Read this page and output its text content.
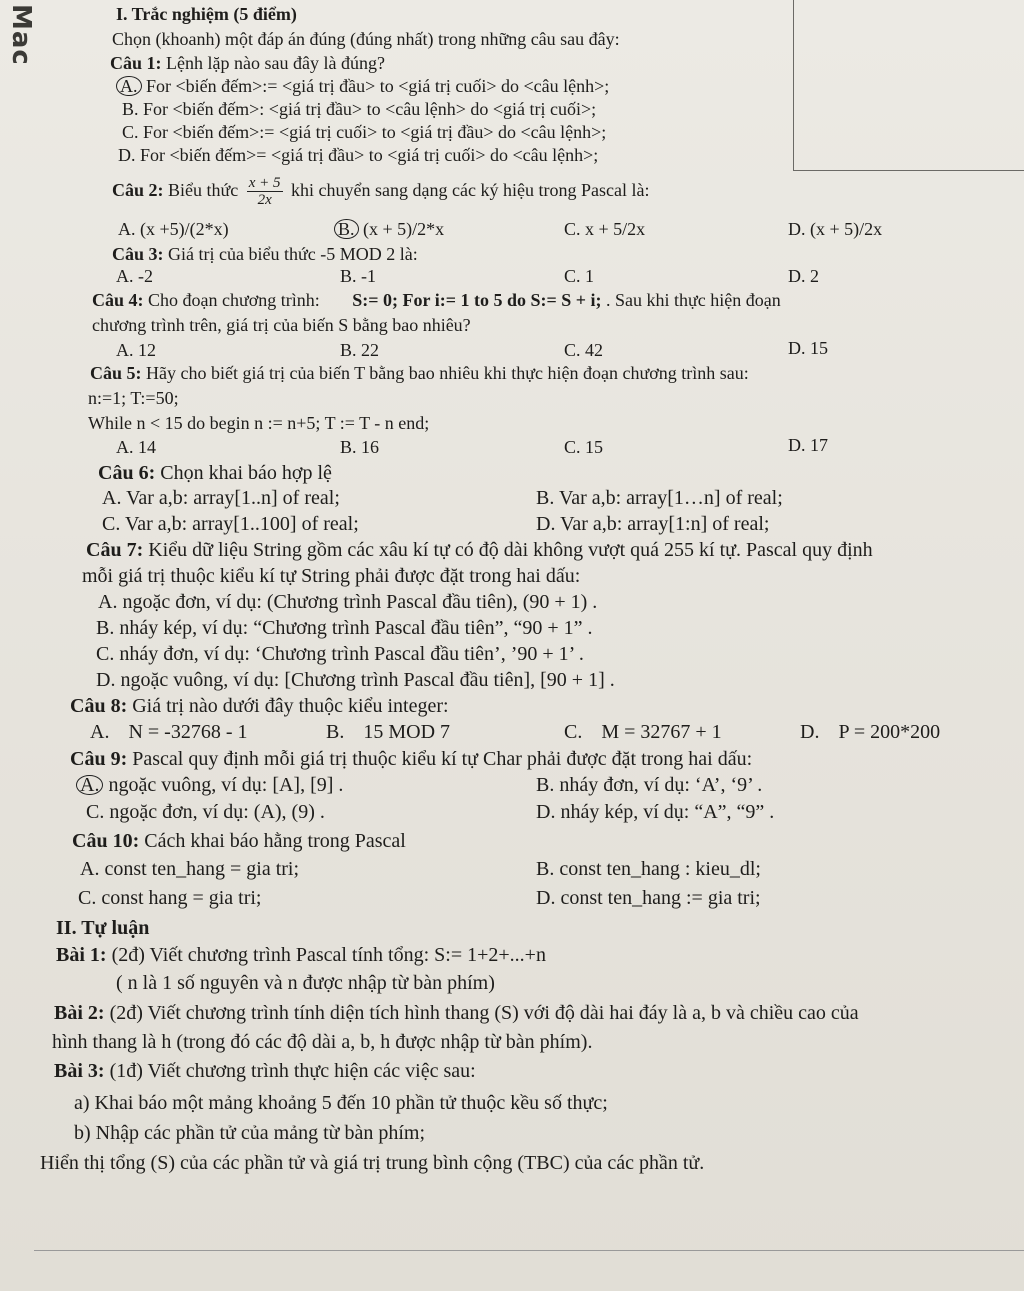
Mac	I. Trắc nghiệm (5 điểm)
Chọn (khoanh) một đáp án đúng (đúng nhất) trong những câu sau đây:
Câu 1: Lệnh lặp nào sau đây là đúng?
A. For <biến đếm>:= <giá trị đầu> to <giá trị cuối> do <câu lệnh>;
B. For <biến đếm>: <giá trị đầu> to <câu lệnh> do <giá trị cuối>;
C. For <biến đếm>:= <giá trị cuối> to <giá trị đầu> do <câu lệnh>;
D. For <biến đếm>= <giá trị đầu> to <giá trị cuối> do <câu lệnh>;
Câu 2: Biểu thức $\frac{x + 5}{2x}$ khi chuyển sang dạng các ký hiệu trong Pascal là:
A. (x +5)/(2*x)	B. (x + 5)/2*x	C. x + 5/2x	D. (x + 5)/2x
Câu 3: Giá trị của biểu thức -5 MOD 2 là:
A. -2	B. -1	C. 1	D. 2
Câu 4: Cho đoạn chương trình: S:= 0; For i:= 1 to 5 do S:= S + i; . Sau khi thực hiện đoạn
chương trình trên, giá trị của biến S bằng bao nhiêu?
A. 12	B. 22	C. 42	D. 15
Câu 5: Hãy cho biết giá trị của biến T bằng bao nhiêu khi thực hiện đoạn chương trình sau:
n:=1; T:=50;
While n < 15 do begin n := n+5; T := T - n end;
A. 14	B. 16	C. 15	D. 17
Câu 6: Chọn khai báo hợp lệ
A. Var a,b: array[1..n] of real;	B. Var a,b: array[1…n] of real;
C. Var a,b: array[1..100] of real;	D. Var a,b: array[1:n] of real;
Câu 7: Kiểu dữ liệu String gồm các xâu kí tự có độ dài không vượt quá 255 kí tự. Pascal quy định
mỗi giá trị thuộc kiểu kí tự String phải được đặt trong hai dấu:
A. ngoặc đơn, ví dụ: (Chương trình Pascal đầu tiên), (90 + 1) .
B. nháy kép, ví dụ: “Chương trình Pascal đầu tiên”, “90 + 1” .
C. nháy đơn, ví dụ: ‘Chương trình Pascal đầu tiên’, ’90 + 1’ .
D. ngoặc vuông, ví dụ: [Chương trình Pascal đầu tiên], [90 + 1] .
Câu 8: Giá trị nào dưới đây thuộc kiểu integer:
A. N = -32768 - 1	B. 15 MOD 7	C. M = 32767 + 1	D. P = 200*200
Câu 9: Pascal quy định mỗi giá trị thuộc kiểu kí tự Char phải được đặt trong hai dấu:
A. ngoặc vuông, ví dụ: [A], [9] .	B. nháy đơn, ví dụ: ‘A’, ‘9’ .
C. ngoặc đơn, ví dụ: (A), (9) .	D. nháy kép, ví dụ: “A”, “9” .
Câu 10: Cách khai báo hằng trong Pascal
A. const ten_hang = gia tri;	B. const ten_hang : kieu_dl;
C. const hang = gia tri;	D. const ten_hang := gia tri;
II. Tự luận
Bài 1: (2đ) Viết chương trình Pascal tính tổng: S:= 1+2+...+n
( n là 1 số nguyên và n được nhập từ bàn phím)
Bài 2: (2đ) Viết chương trình tính diện tích hình thang (S) với độ dài hai đáy là a, b và chiều cao của
hình thang là h (trong đó các độ dài a, b, h được nhập từ bàn phím).
Bài 3: (1đ) Viết chương trình thực hiện các việc sau:
a) Khai báo một mảng khoảng 5 đến 10 phần tử thuộc kều số thực;
b) Nhập các phần tử của mảng từ bàn phím;
Hiển thị tổng (S) của các phần tử và giá trị trung bình cộng (TBC) của các phần tử.
